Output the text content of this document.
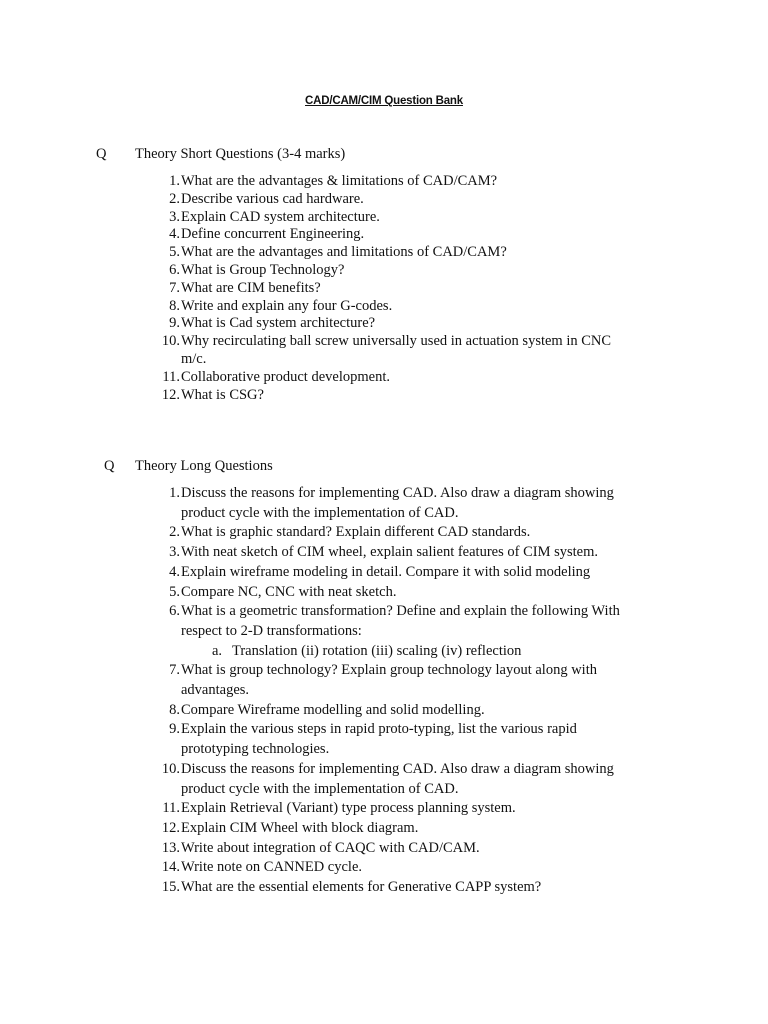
CAD/CAM/CIM Question Bank
Q Theory Short Questions (3-4 marks)
1. What are the advantages & limitations of CAD/CAM?
2. Describe various cad hardware.
3. Explain CAD system architecture.
4. Define concurrent Engineering.
5. What are the advantages and limitations of CAD/CAM?
6. What is Group Technology?
7. What are CIM benefits?
8. Write and explain any four G-codes.
9. What is Cad system architecture?
10. Why recirculating ball screw universally used in actuation system in CNC m/c.
11. Collaborative product development.
12. What is CSG?
Q Theory Long Questions
1. Discuss the reasons for implementing CAD. Also draw a diagram showing product cycle with the implementation of CAD.
2. What is graphic standard? Explain different CAD standards.
3. With neat sketch of CIM wheel, explain salient features of CIM system.
4. Explain wireframe modeling in detail. Compare it with solid modeling
5. Compare NC, CNC with neat sketch.
6. What is a geometric transformation? Define and explain the following With respect to 2-D transformations:
a. Translation (ii) rotation (iii) scaling (iv) reflection
7. What is group technology? Explain group technology layout along with advantages.
8. Compare Wireframe modelling and solid modelling.
9. Explain the various steps in rapid proto-typing, list the various rapid prototyping technologies.
10. Discuss the reasons for implementing CAD. Also draw a diagram showing product cycle with the implementation of CAD.
11. Explain Retrieval (Variant) type process planning system.
12. Explain CIM Wheel with block diagram.
13. Write about integration of CAQC with CAD/CAM.
14. Write note on CANNED cycle.
15. What are the essential elements for Generative CAPP system?
